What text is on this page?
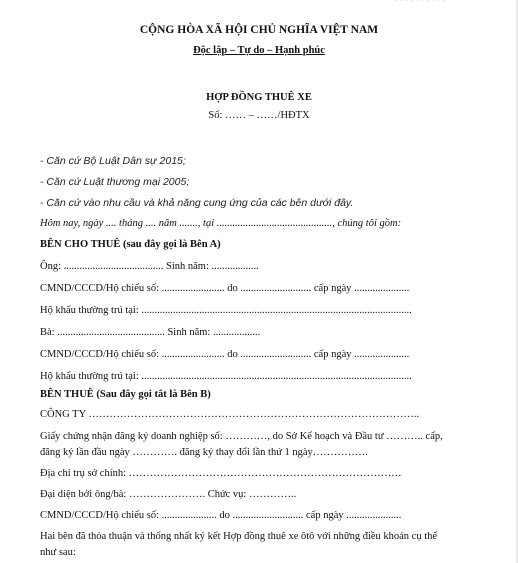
CỘNG HÒA XÃ HỘI CHỦ NGHĨA VIỆT NAM
Độc lập – Tự do – Hạnh phúc
HỢP ĐỒNG THUÊ XE
Số: …… – ……/HĐTX
- Căn cứ Bộ Luật Dân sự 2015;
- Căn cứ Luật thương mại 2005;
- Căn cứ vào nhu cầu và khả năng cung ứng của các bên dưới đây.
Hôm nay, ngày .... tháng .... năm ......., tại ............................................, chúng tôi gồm:
BÊN CHO THUÊ (sau đây gọi là Bên A)
Ông: ...................................... Sinh năm: ..................
CMND/CCCD/Hộ chiếu số: ........................ do ........................... cấp ngày .....................
Hộ khẩu thường trú tại: .......................................................................................................
Bà: ......................................... Sinh năm: ..................
CMND/CCCD/Hộ chiếu số: ........................ do ........................... cấp ngày .....................
Hộ khẩu thường trú tại: .......................................................................................................
BÊN THUÊ (Sau đây gọi tắt là Bên B)
CÔNG TY …………………………………………………………………………………..
Giấy chứng nhận đăng ký doanh nghiệp số: …………, do Sở Kế hoạch và Đầu tư ……….. cấp,
đăng ký lần đầu ngày …………. đăng ký thay đổi lần thứ 1 ngày…………….
Địa chỉ trụ sở chính: ……………………………………………………………………
Đại diện bởi ông/bà: …………………. Chức vụ: …………..
CMND/CCCD/Hộ chiếu số: ..................... do ........................... cấp ngày .....................
Hai bên đã thỏa thuận và thống nhất ký kết Hợp đồng thuê xe ôtô với những điều khoản cụ thể
như sau:
